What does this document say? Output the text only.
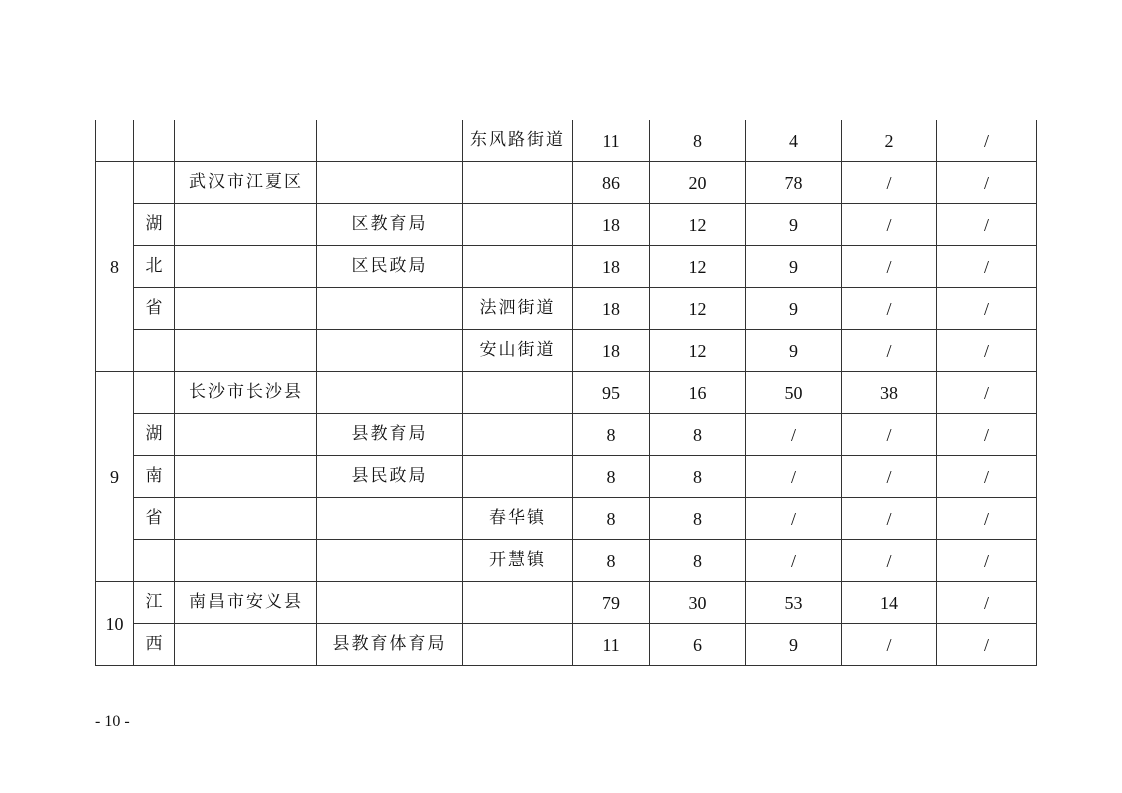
				东风路街道	11	8	4	2	/
8		武汉市江夏区			86	20	78	/	/
	湖		区教育局		18	12	9	/	/
	北		区民政局		18	12	9	/	/
	省			法泗街道	18	12	9	/	/
				安山街道	18	12	9	/	/
9		长沙市长沙县			95	16	50	38	/
	湖		县教育局		8	8	/	/	/
	南		县民政局		8	8	/	/	/
	省			春华镇	8	8	/	/	/
				开慧镇	8	8	/	/	/
10	江	南昌市安义县			79	30	53	14	/
	西		县教育体育局		11	6	9	/	/
- 10 -
